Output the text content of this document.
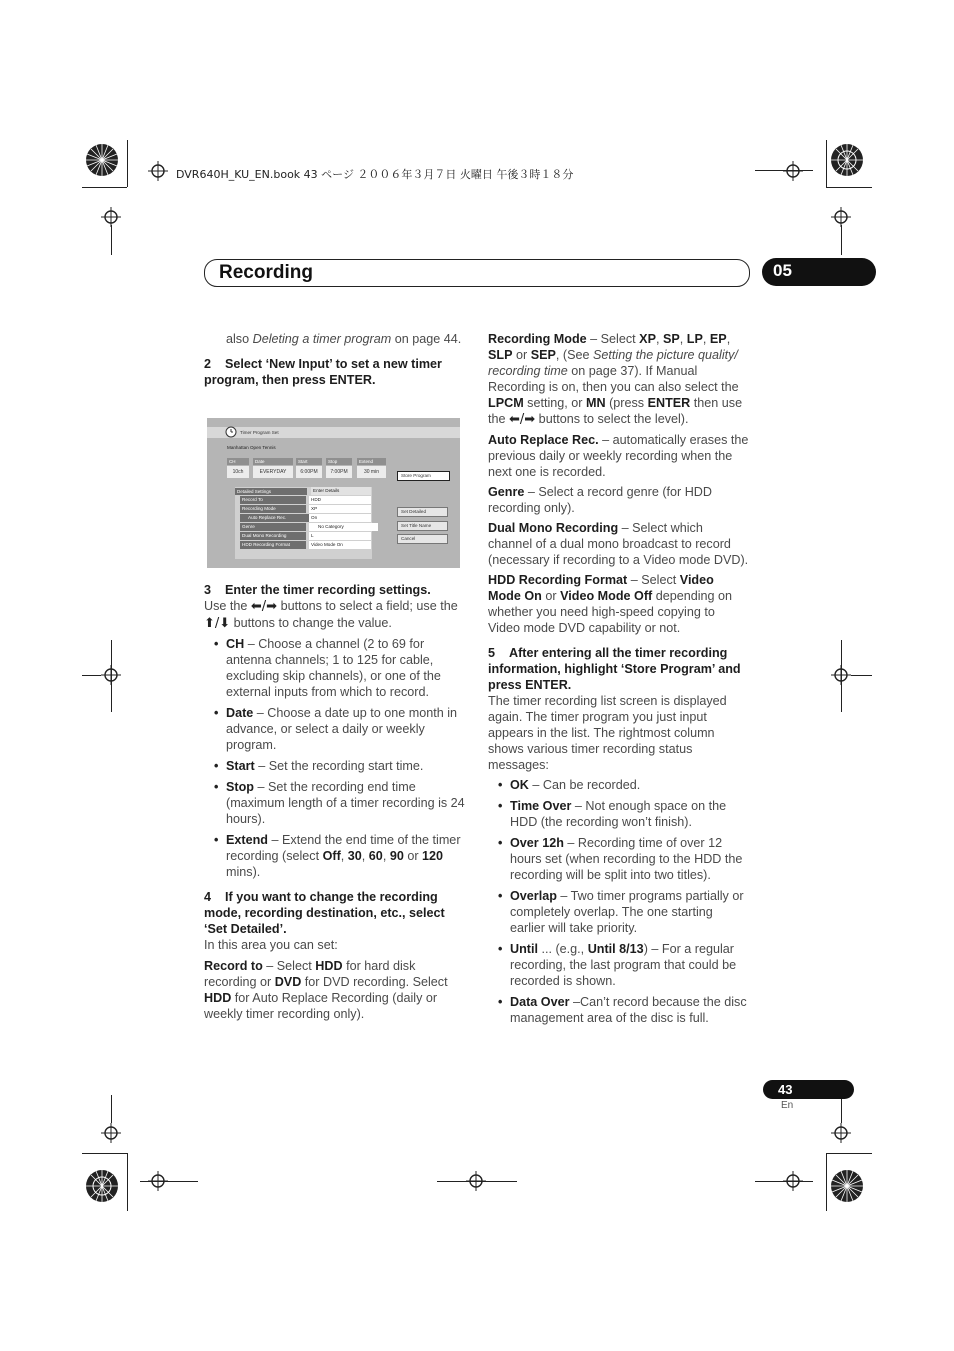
DVR640H_KU_EN.book 43 ページ ２００６年３月７日 火曜日 午後３時１８分
Recording	05

also Deleting a timer program on page 44.

2 Select ‘New Input’ to set a new timer program, then press ENTER.

Timer Program Set
Manhattan Open Tennis
CH	Date	Start	Stop	Extend
10ch	EVERYDAY	6:00PM	7:00PM	30 min
Store Program
Detailed Settings	Enter Details
Record To	HDD
Recording Mode	XP
Auto Replace Rec.	On
Genre	No Category
Dual Mono Recording	L
HDD Recording Format	Video Mode On
Set Detailed
Set Title Name
Cancel

3 Enter the timer recording settings.

Use the ⬅/➡ buttons to select a field; use the ⬆/⬇ buttons to change the value.

• CH – Choose a channel (2 to 69 for antenna channels; 1 to 125 for cable, excluding skip channels), or one of the external inputs from which to record.
• Date – Choose a date up to one month in advance, or select a daily or weekly program.
• Start – Set the recording start time.
• Stop – Set the recording end time (maximum length of a timer recording is 24 hours).
• Extend – Extend the end time of the timer recording (select Off, 30, 60, 90 or 120 mins).

4 If you want to change the recording mode, recording destination, etc., select ‘Set Detailed’.

In this area you can set:

Record to – Select HDD for hard disk recording or DVD for DVD recording. Select HDD for Auto Replace Recording (daily or weekly timer recording only).

Recording Mode – Select XP, SP, LP, EP, SLP or SEP, (See Setting the picture quality/ recording time on page 37). If Manual Recording is on, then you can also select the LPCM setting, or MN (press ENTER then use the ⬅/➡ buttons to select the level).

Auto Replace Rec. – automatically erases the previous daily or weekly recording when the next one is recorded.

Genre – Select a record genre (for HDD recording only).

Dual Mono Recording – Select which channel of a dual mono broadcast to record (necessary if recording to a Video mode DVD).

HDD Recording Format – Select Video Mode On or Video Mode Off depending on whether you need high-speed copying to Video mode DVD capability or not.

5 After entering all the timer recording information, highlight ‘Store Program’ and press ENTER.

The timer recording list screen is displayed again. The timer program you just input appears in the list. The rightmost column shows various timer recording status messages:

• OK – Can be recorded.
• Time Over – Not enough space on the HDD (the recording won’t finish).
• Over 12h – Recording time of over 12 hours set (when recording to the HDD the recording will be split into two titles).
• Overlap – Two timer programs partially or completely overlap. The one starting earlier will take priority.
• Until ... (e.g., Until 8/13) – For a regular recording, the last program that could be recorded is shown.
• Data Over –Can’t record because the disc management area of the disc is full.
43
En
